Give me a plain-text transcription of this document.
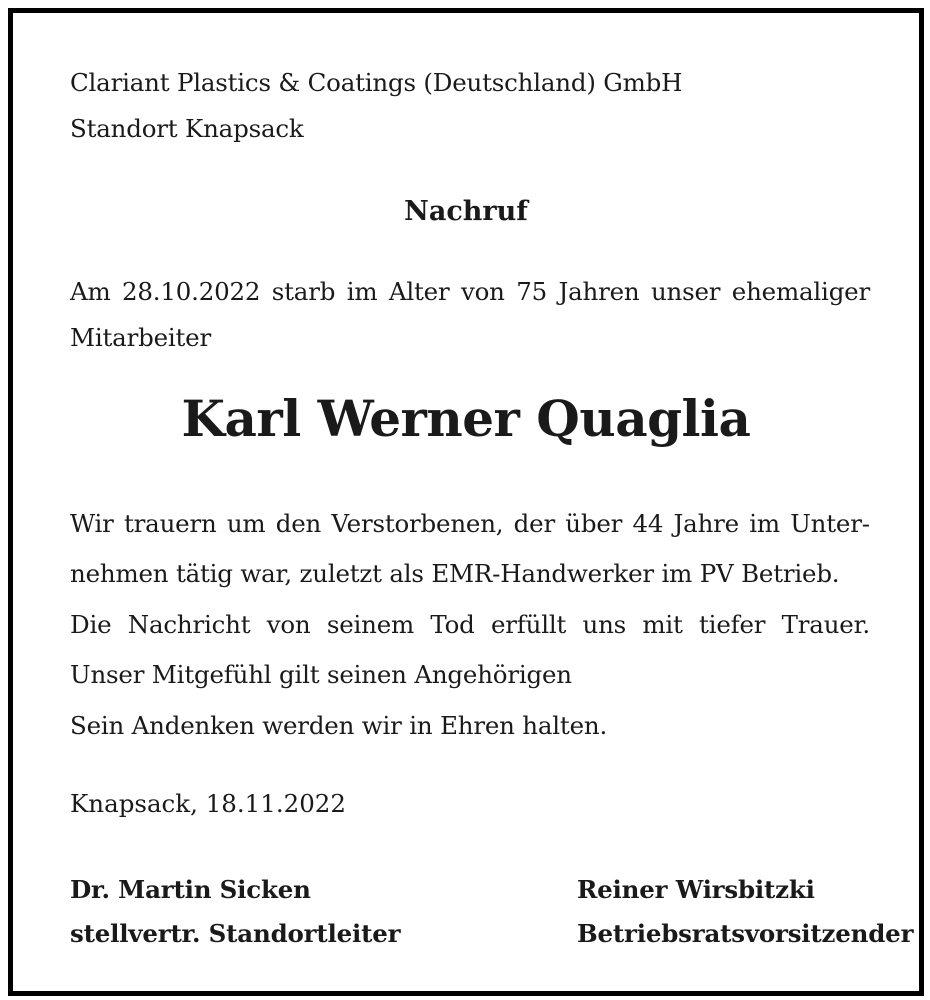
Clariant Plastics & Coatings (Deutschland) GmbH
Standort Knapsack
Nachruf
Am 28.10.2022 starb im Alter von 75 Jahren unser ehemaliger Mitarbeiter
Karl Werner Quaglia
Wir trauern um den Verstorbenen, der über 44 Jahre im Unternehmen tätig war, zuletzt als EMR-Handwerker im PV Betrieb.
Die Nachricht von seinem Tod erfüllt uns mit tiefer Trauer. Unser Mitgefühl gilt seinen Angehörigen
Sein Andenken werden wir in Ehren halten.
Knapsack, 18.11.2022
Dr. Martin Sicken
stellvertr. Standortleiter
Reiner Wirsbitzki
Betriebsratsvorsitzender
